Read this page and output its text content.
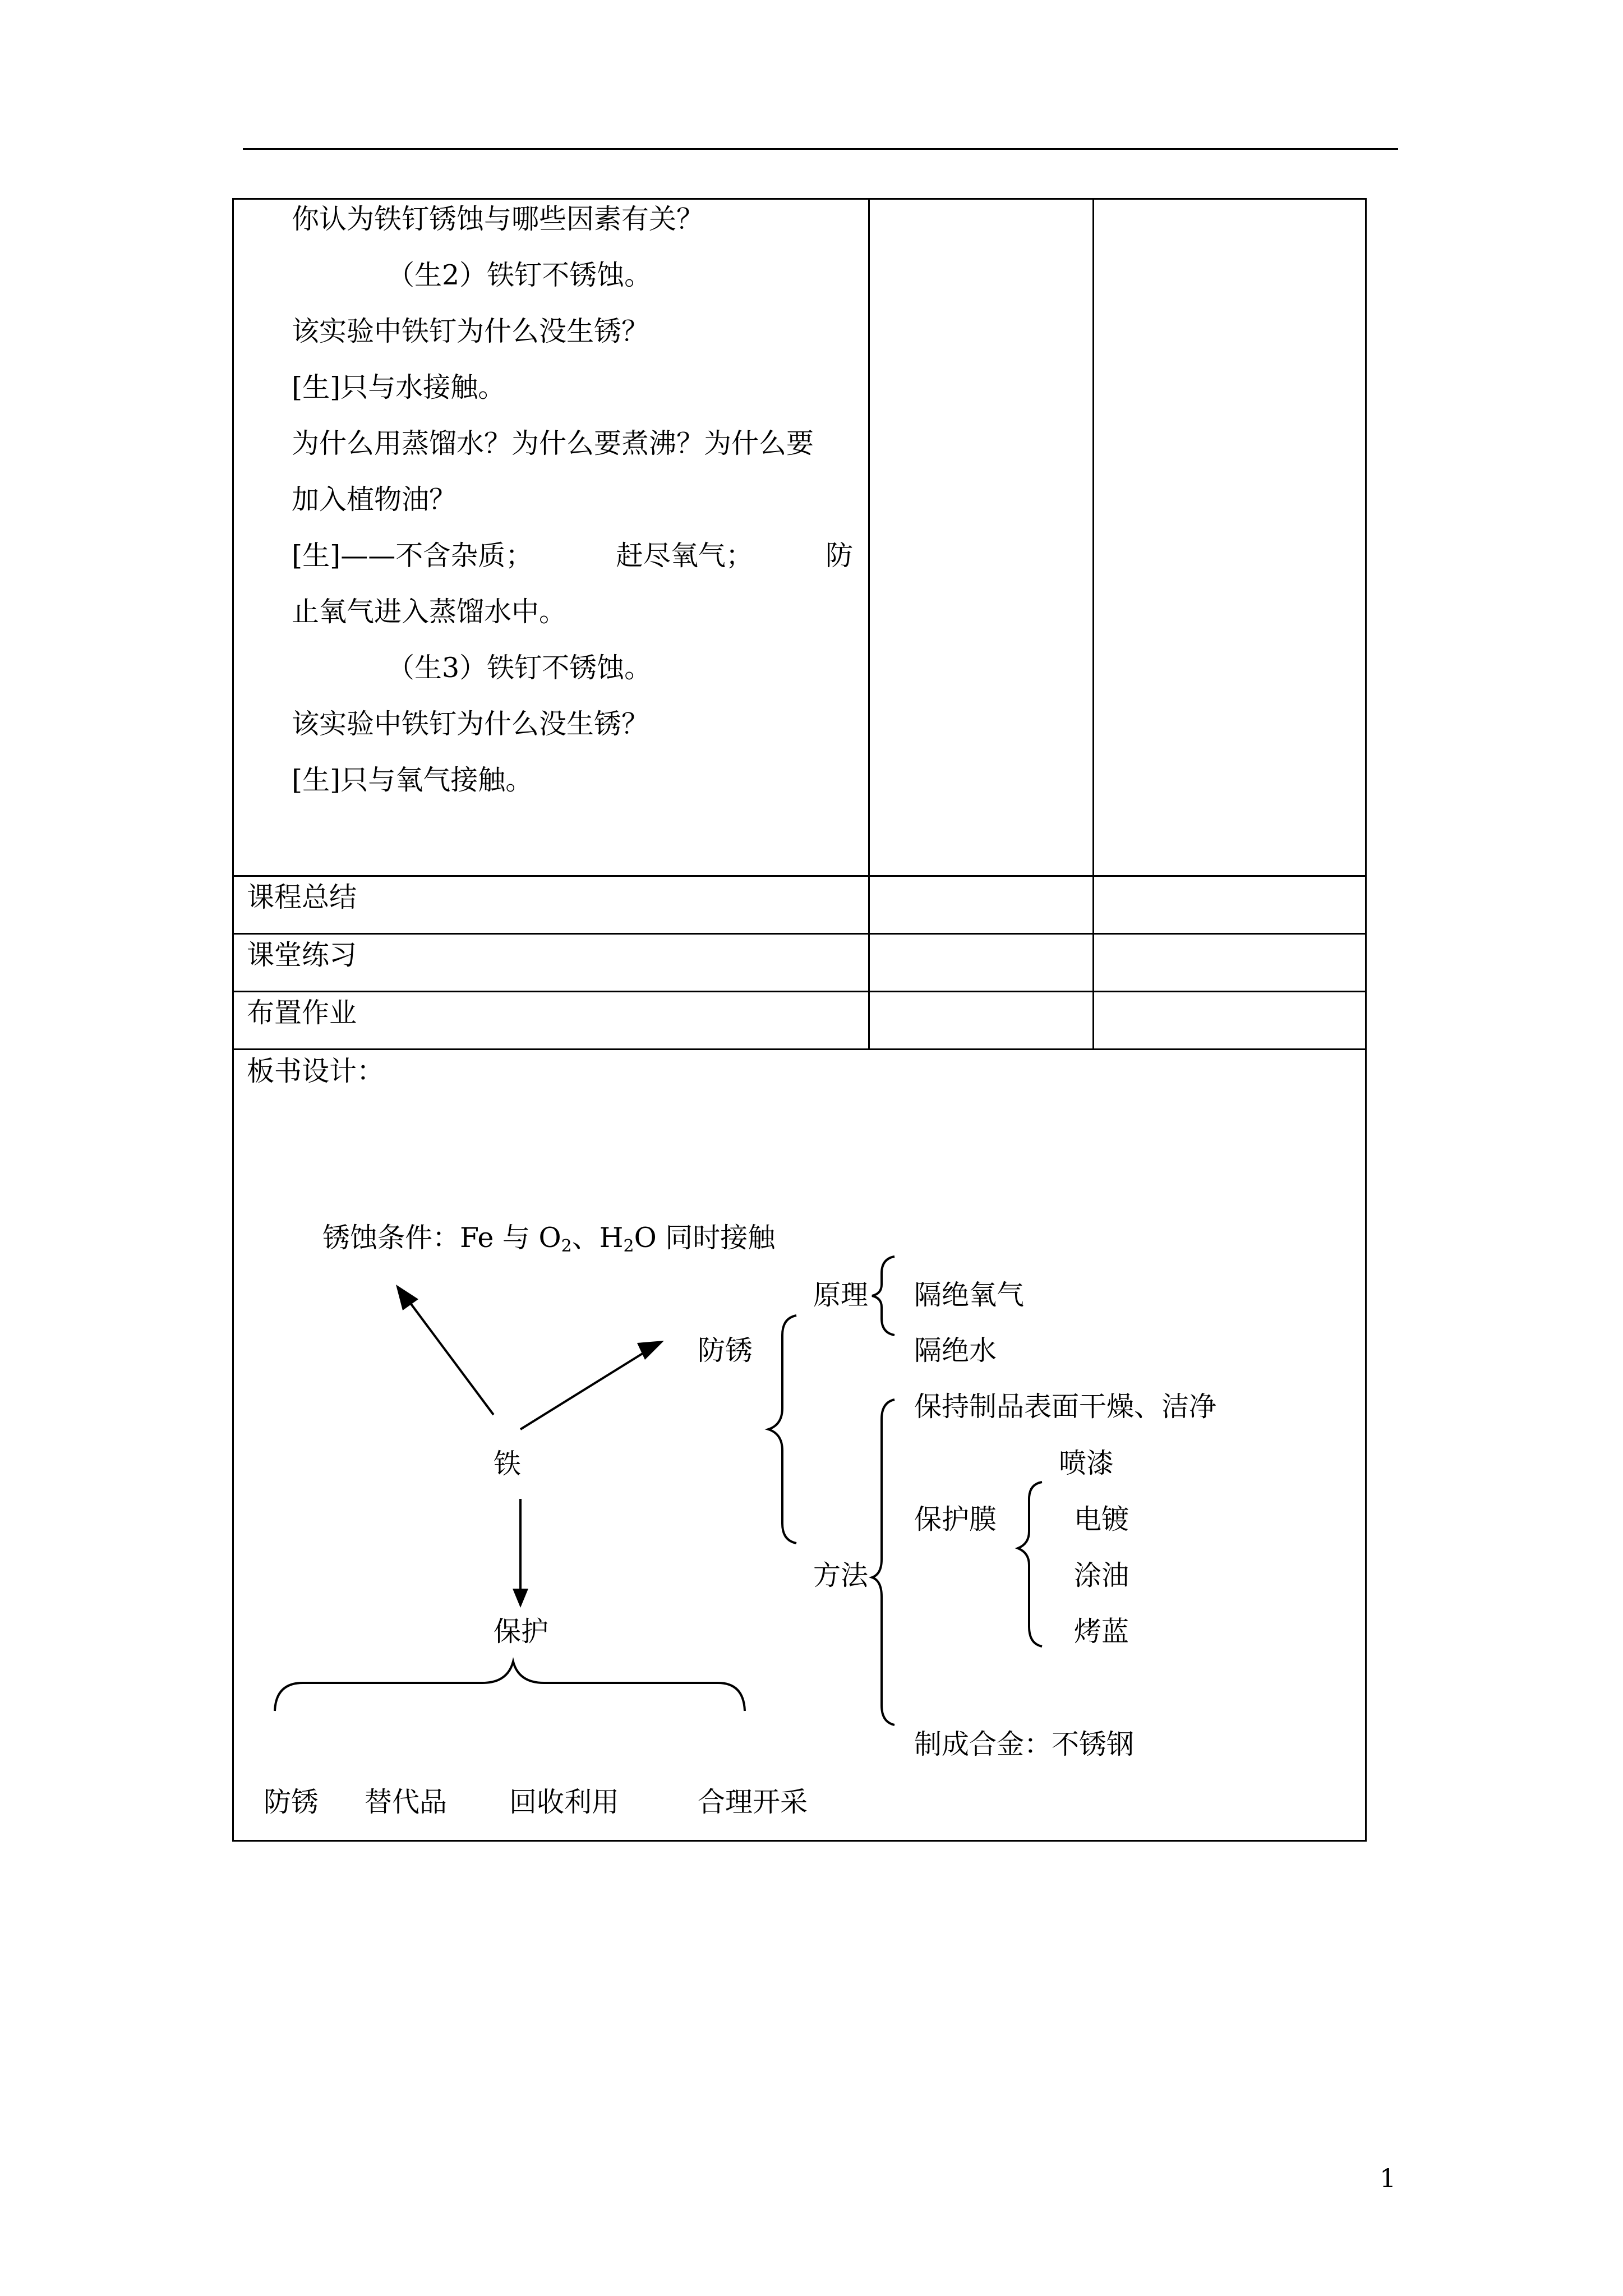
你认为铁钉锈蚀与哪些因素有关？
（生2）铁钉不锈蚀。
该实验中铁钉为什么没生锈？
[生]只与水接触。
为什么用蒸馏水？为什么要煮沸？为什么要
加入植物油？
[生]——不含杂质；	赶尽氧气；	防
止氧气进入蒸馏水中。
（生3）铁钉不锈蚀。
该实验中铁钉为什么没生锈？
[生]只与氧气接触。
课程总结
课堂练习
布置作业
板书设计：
锈蚀条件：Fe 与 $O_2$、$H_2O$ 同时接触
铁
防锈
原理 隔绝氧气
隔绝水
方法
保持制品表面干燥、洁净
保护膜
喷漆
电镀
涂油
烤蓝
制成合金：不锈钢
保护
防锈 替代品 回收利用	合理开采
1
